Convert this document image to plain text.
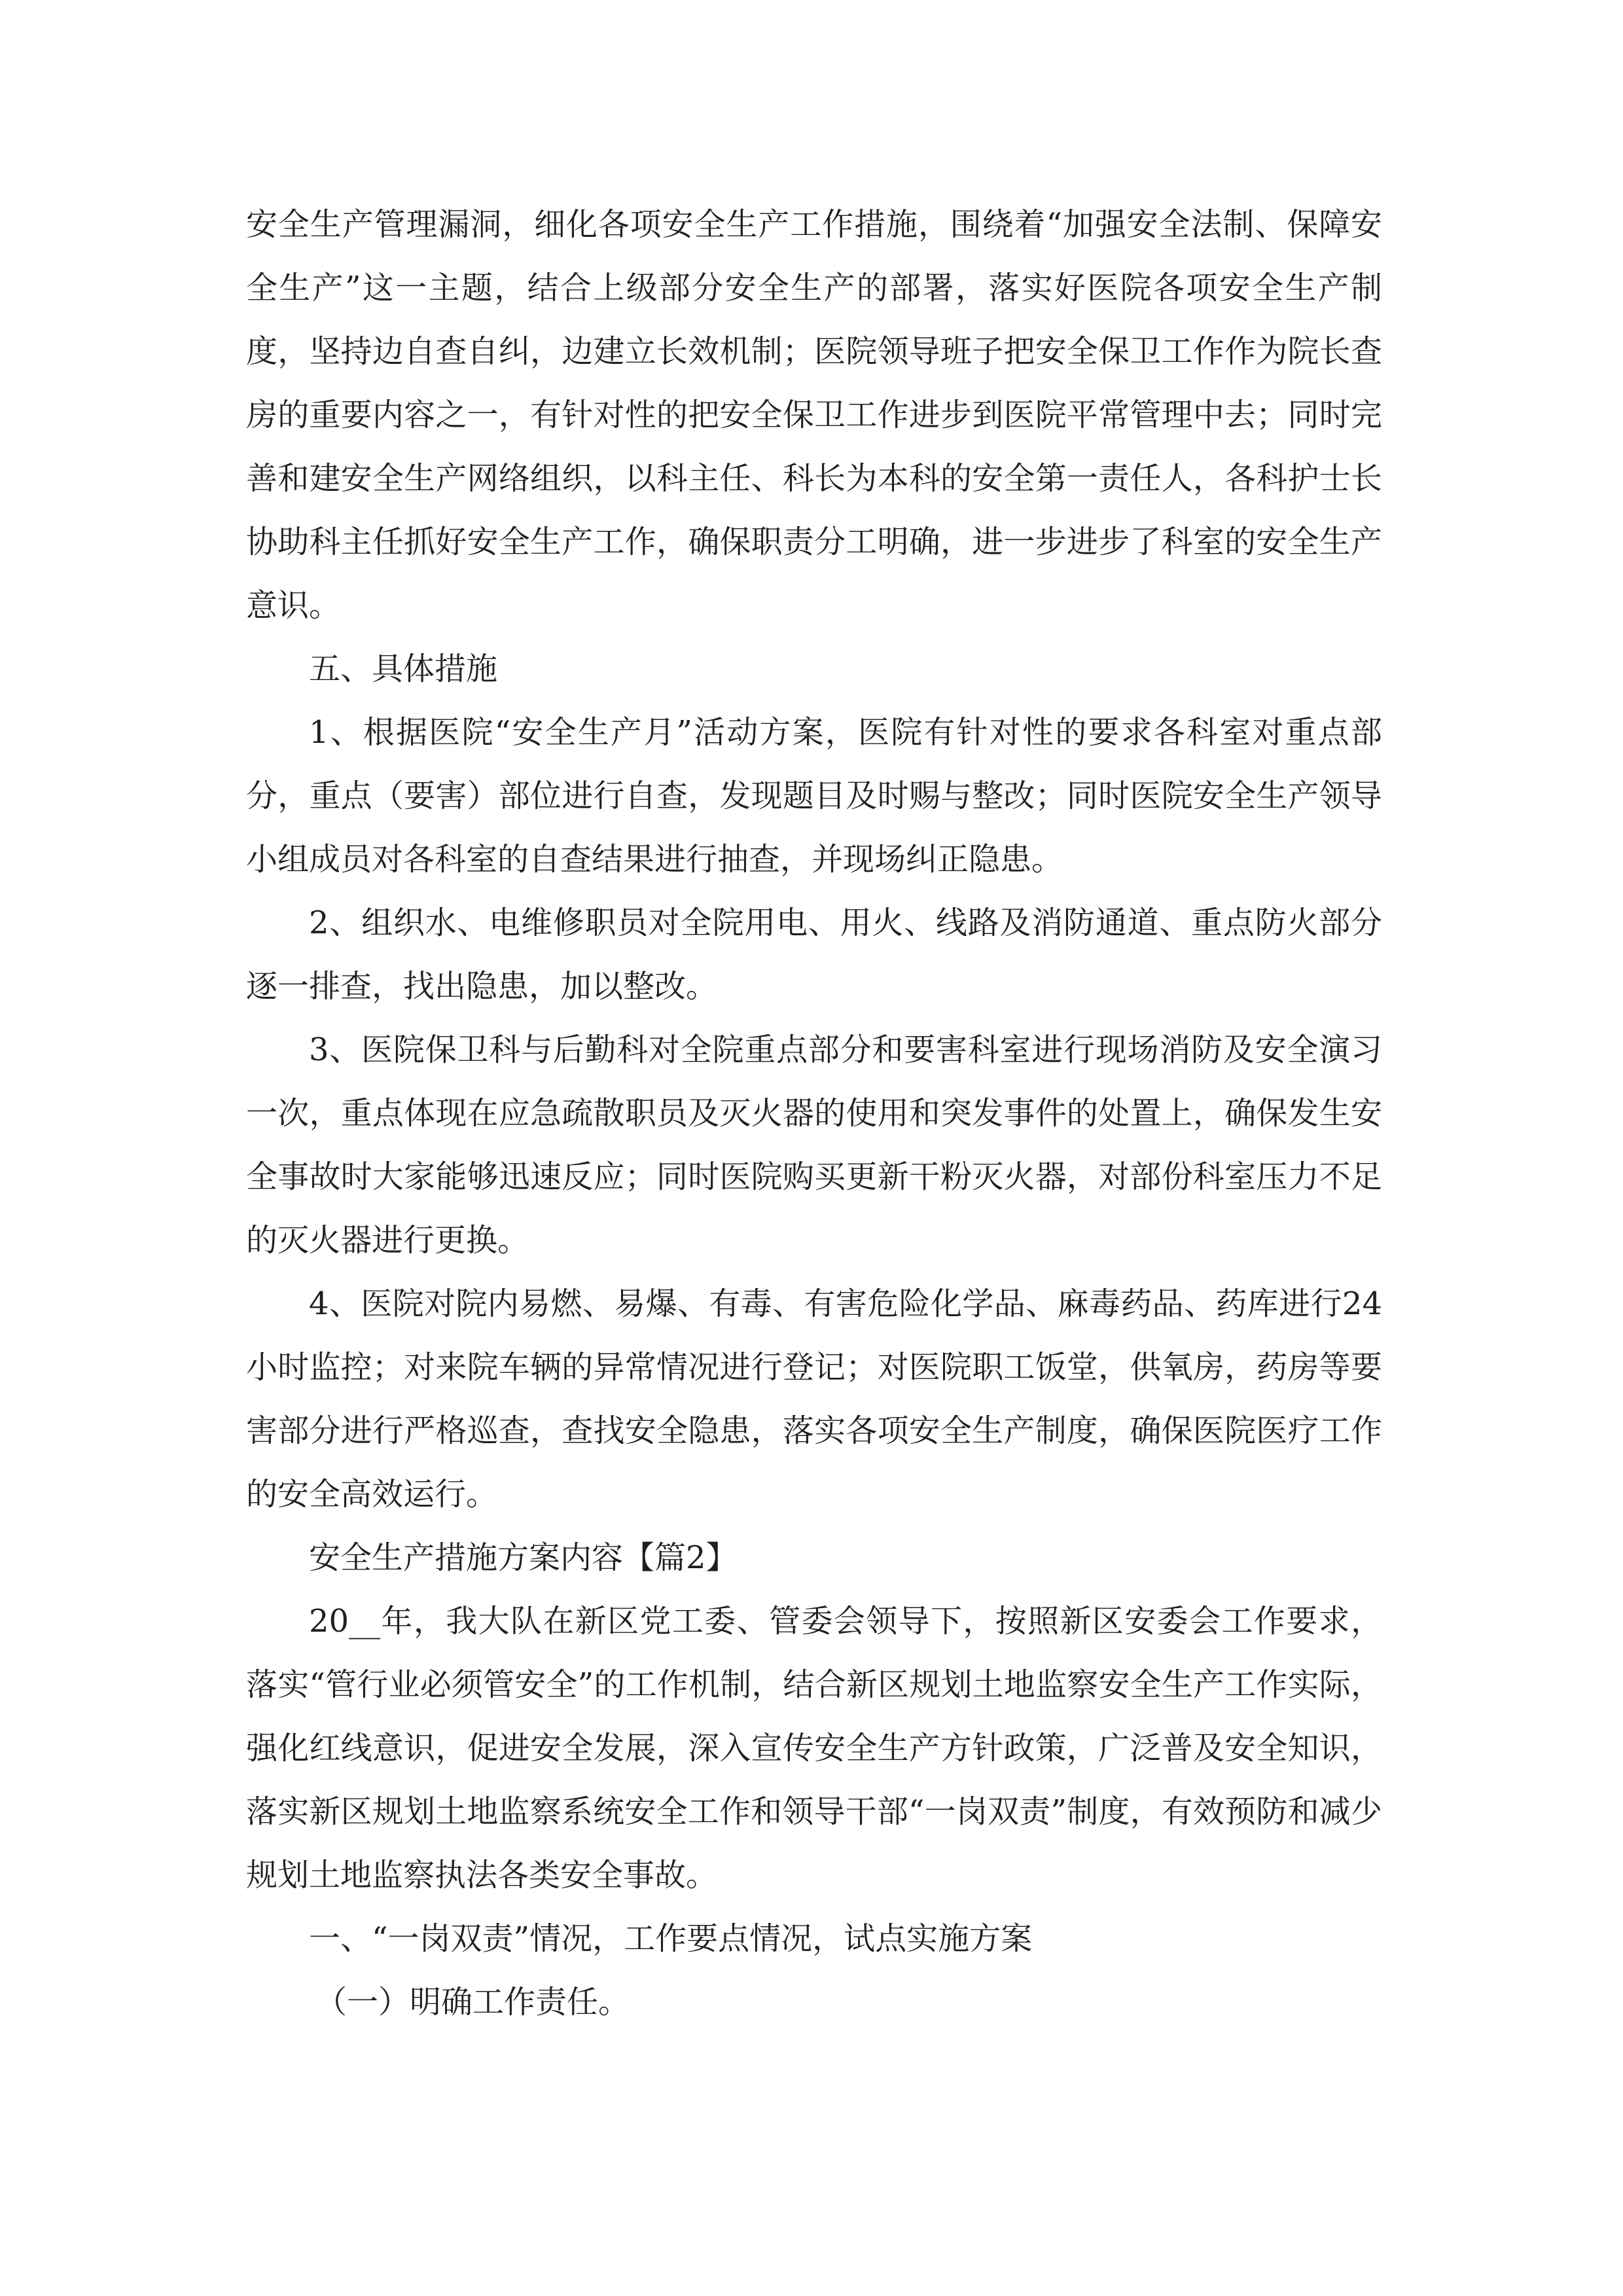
安全生产管理漏洞，细化各项安全生产工作措施，围绕着“加强安全法制、保障安全生产”这一主题，结合上级部分安全生产的部署，落实好医院各项安全生产制度，坚持边自查自纠，边建立长效机制；医院领导班子把安全保卫工作作为院长查房的重要内容之一，有针对性的把安全保卫工作进步到医院平常管理中去；同时完善和建安全生产网络组织，以科主任、科长为本科的安全第一责任人，各科护士长协助科主任抓好安全生产工作，确保职责分工明确，进一步进步了科室的安全生产意识。

五、具体措施

1、根据医院“安全生产月”活动方案，医院有针对性的要求各科室对重点部分，重点（要害）部位进行自查，发现题目及时赐与整改；同时医院安全生产领导小组成员对各科室的自查结果进行抽查，并现场纠正隐患。

2、组织水、电维修职员对全院用电、用火、线路及消防通道、重点防火部分逐一排查，找出隐患，加以整改。

3、医院保卫科与后勤科对全院重点部分和要害科室进行现场消防及安全演习一次，重点体现在应急疏散职员及灭火器的使用和突发事件的处置上，确保发生安全事故时大家能够迅速反应；同时医院购买更新干粉灭火器，对部份科室压力不足的灭火器进行更换。

4、医院对院内易燃、易爆、有毒、有害危险化学品、麻毒药品、药库进行24小时监控；对来院车辆的异常情况进行登记；对医院职工饭堂，供氧房，药房等要害部分进行严格巡查，查找安全隐患，落实各项安全生产制度，确保医院医疗工作的安全高效运行。

安全生产措施方案内容【篇2】

20__年，我大队在新区党工委、管委会领导下，按照新区安委会工作要求，落实“管行业必须管安全”的工作机制，结合新区规划土地监察安全生产工作实际，强化红线意识，促进安全发展，深入宣传安全生产方针政策，广泛普及安全知识，落实新区规划土地监察系统安全工作和领导干部“一岗双责”制度，有效预防和减少规划土地监察执法各类安全事故。

一、“一岗双责”情况，工作要点情况，试点实施方案

（一）明确工作责任。
